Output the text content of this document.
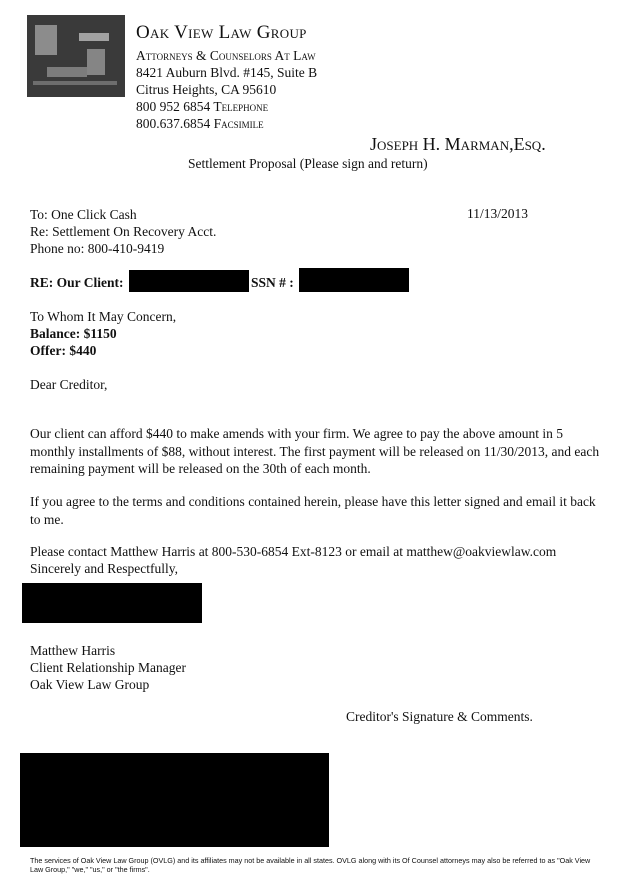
Oak View Law Group
Attorneys & Counselors At Law
8421 Auburn Blvd. #145, Suite B
Citrus Heights, CA 95610
800 952 6854 Telephone
800.637.6854 Facsimile
Joseph H. Marman,Esq.
Settlement Proposal (Please sign and return)
To: One Click Cash
Re: Settlement On Recovery Acct.
Phone no: 800-410-9419
11/13/2013
RE: Our Client:	SSN # :
To Whom It May Concern,
Balance: $1150
Offer: $440
Dear Creditor,
Our client can afford $440 to make amends with your firm. We agree to pay the above amount in 5 monthly installments of $88, without interest. The first payment will be released on 11/30/2013, and each remaining payment will be released on the 30th of each month.
If you agree to the terms and conditions contained herein, please have this letter signed and email it back to me.
Please contact Matthew Harris at 800-530-6854 Ext-8123 or email at matthew@oakviewlaw.com
Sincerely and Respectfully,
Matthew Harris
Client Relationship Manager
Oak View Law Group
Creditor's Signature & Comments.
The services of Oak View Law Group (OVLG) and its affiliates may not be available in all states. OVLG along with its Of Counsel attorneys may also be referred to as "Oak View Law Group," "we," "us," or "the firms".
